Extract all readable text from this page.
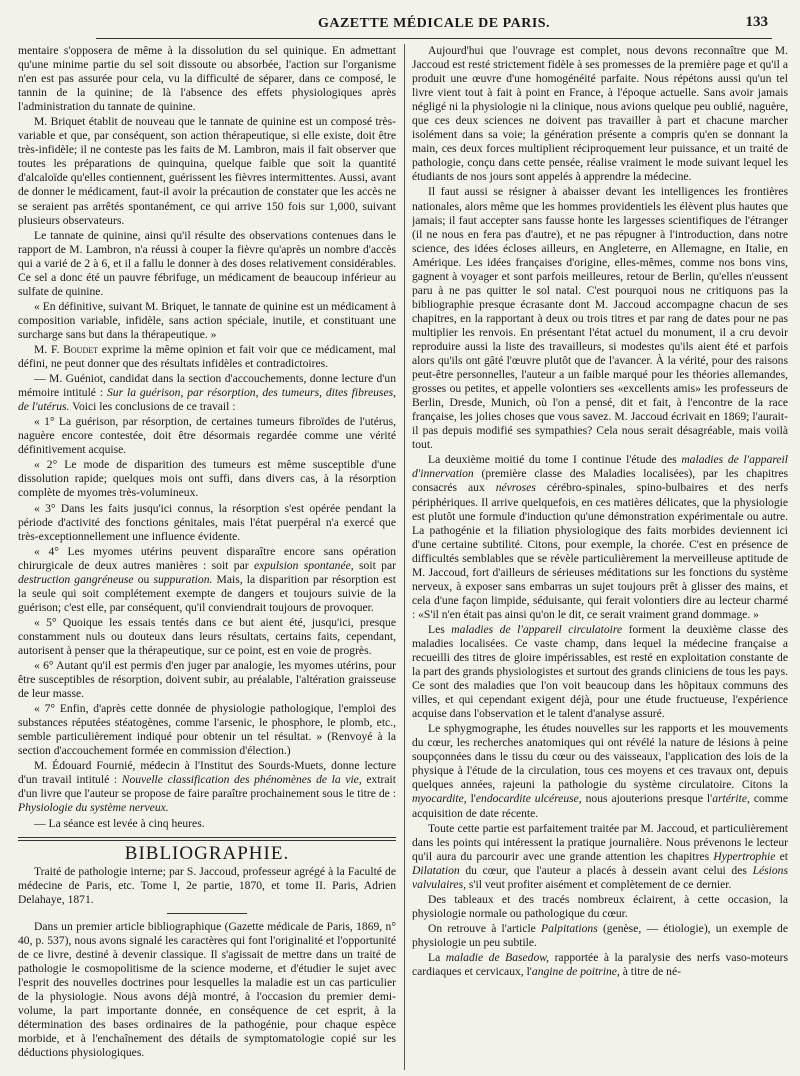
GAZETTE MÉDICALE DE PARIS.	133

mentaire s'opposera de même à la dissolution du sel quinique. En admettant qu'une minime partie du sel soit dissoute ou absorbée, l'action sur l'organisme n'en est pas assurée pour cela, vu la difficulté de séparer, dans ce composé, le tannin de la quinine; de là l'absence des effets physiologiques après l'administration du tannate de quinine.

M. Briquet établit de nouveau que le tannate de quinine est un composé très-variable et que, par conséquent, son action thérapeutique, si elle existe, doit être très-infidèle; il ne conteste pas les faits de M. Lambron, mais il fait observer que toutes les préparations de quinquina, quelque faible que soit la quantité d'alcaloïde qu'elles contiennent, guérissent les fièvres intermittentes. Aussi, avant de donner le médicament, faut-il avoir la précaution de constater que les accès ne se seraient pas arrêtés spontanément, ce qui arrive 150 fois sur 1,000, suivant plusieurs observateurs.

Le tannate de quinine, ainsi qu'il résulte des observations contenues dans le rapport de M. Lambron, n'a réussi à couper la fièvre qu'après un nombre d'accès qui a varié de 2 à 6, et il a fallu le donner à des doses relativement considérables. Ce sel a donc été un pauvre fébrifuge, un médicament de beaucoup inférieur au sulfate de quinine.

« En définitive, suivant M. Briquet, le tannate de quinine est un médicament à composition variable, infidèle, sans action spéciale, inutile, et constituant une surcharge sans but dans la thérapeutique. »

M. F. Boudet exprime la même opinion et fait voir que ce médicament, mal défini, ne peut donner que des résultats infidèles et contradictoires.

— M. Guéniot, candidat dans la section d'accouchements, donne lecture d'un mémoire intitulé : Sur la guérison, par résorption, des tumeurs, dites fibreuses, de l'utérus. Voici les conclusions de ce travail :

« 1° La guérison, par résorption, de certaines tumeurs fibroïdes de l'utérus, naguère encore contestée, doit être désormais regardée comme une vérité définitivement acquise.

« 2° Le mode de disparition des tumeurs est même susceptible d'une dissolution rapide; quelques mois ont suffi, dans divers cas, à la résorption complète de myomes très-volumineux.

« 3° Dans les faits jusqu'ici connus, la résorption s'est opérée pendant la période d'activité des fonctions génitales, mais l'état puerpéral n'a exercé que très-exceptionnellement une influence évidente.

« 4° Les myomes utérins peuvent disparaître encore sans opération chirurgicale de deux autres manières : soit par expulsion spontanée, soit par destruction gangréneuse ou suppuration. Mais, la disparition par résorption est la seule qui soit complétement exempte de dangers et toujours suivie de la guérison; c'est elle, par conséquent, qu'il conviendrait toujours de provoquer.

« 5° Quoique les essais tentés dans ce but aient été, jusqu'ici, presque constamment nuls ou douteux dans leurs résultats, certains faits, cependant, autorisent à penser que la thérapeutique, sur ce point, est en voie de progrès.

« 6° Autant qu'il est permis d'en juger par analogie, les myomes utérins, pour être susceptibles de résorption, doivent subir, au préalable, l'altération graisseuse de leur masse.

« 7° Enfin, d'après cette donnée de physiologie pathologique, l'emploi des substances réputées stéatogènes, comme l'arsenic, le phosphore, le plomb, etc., semble particulièrement indiqué pour obtenir un tel résultat. » (Renvoyé à la section d'accouchement formée en commission d'élection.)

M. Édouard Fournié, médecin à l'Institut des Sourds-Muets, donne lecture d'un travail intitulé : Nouvelle classification des phénomènes de la vie, extrait d'un livre que l'auteur se propose de faire paraître prochainement sous le titre de : Physiologie du système nerveux.

— La séance est levée à cinq heures.

BIBLIOGRAPHIE.

Traité de pathologie interne; par S. Jaccoud, professeur agrégé à la Faculté de médecine de Paris, etc. Tome I, 2e partie, 1870, et tome II. Paris, Adrien Delahaye, 1871.

Dans un premier article bibliographique (Gazette médicale de Paris, 1869, n° 40, p. 537), nous avons signalé les caractères qui font l'originalité et l'opportunité de ce livre, destiné à devenir classique. Il s'agissait de mettre dans un traité de pathologie le cosmopolitisme de la science moderne, et d'étudier le sujet avec l'esprit des nouvelles doctrines pour lesquelles la maladie est un cas particulier de la physiologie. Nous avons déjà montré, à l'occasion du premier demi-volume, la part importante donnée, en conséquence de cet esprit, à la détermination des bases ordinaires de la pathogénie, pour chaque espèce morbide, et à l'enchaînement des détails de symptomatologie copié sur les déductions physiologiques.

Aujourd'hui que l'ouvrage est complet, nous devons reconnaître que M. Jaccoud est resté strictement fidèle à ses promesses de la première page et qu'il a produit une œuvre d'une homogénéité parfaite. Nous répétons aussi qu'un tel livre vient tout à fait à point en France, à l'époque actuelle. Sans avoir jamais négligé ni la physiologie ni la clinique, nous avions quelque peu oublié, naguère, que ces deux sciences ne doivent pas travailler à part et chacune marcher isolément dans sa voie; la génération présente a compris qu'en se donnant la main, ces deux forces multiplient réciproquement leur puissance, et un traité de pathologie, conçu dans cette pensée, réalise vraiment le mode suivant lequel les étudiants de nos jours sont appelés à apprendre la médecine.

Il faut aussi se résigner à abaisser devant les intelligences les frontières nationales, alors même que les hommes providentiels les élèvent plus hautes que jamais; il faut accepter sans fausse honte les largesses scientifiques de l'étranger (il ne nous en fera pas d'autre), et ne pas répugner à l'introduction, dans notre science, des idées écloses ailleurs, en Angleterre, en Allemagne, en Italie, en Amérique. Les idées françaises d'origine, elles-mêmes, comme nos bons vins, gagnent à voyager et sont parfois meilleures, retour de Berlin, qu'elles n'eussent paru à ne pas quitter le sol natal. C'est pourquoi nous ne critiquons pas la bibliographie presque écrasante dont M. Jaccoud accompagne chacun de ses chapitres, en la rapportant à deux ou trois titres et par rang de dates pour ne pas multiplier les renvois. En présentant l'état actuel du monument, il a cru devoir reproduire aussi la liste des travailleurs, si modestes qu'ils aient été et parfois alors qu'ils ont gâté l'œuvre plutôt que de l'avancer. À la vérité, pour des raisons peut-être personnelles, l'auteur a un faible marqué pour les théories allemandes, grosses ou petites, et appelle volontiers ses «excellents amis» les professeurs de Berlin, Dresde, Munich, où l'on a pensé, dit et fait, à l'encontre de la race française, les jolies choses que vous savez. M. Jaccoud écrivait en 1869; l'aurait-il pas depuis modifié ses sympathies? Cela nous serait désagréable, mais voilà tout.

La deuxième moitié du tome I continue l'étude des maladies de l'appareil d'innervation (première classe des Maladies localisées), par les chapitres consacrés aux névroses cérébro-spinales, spino-bulbaires et des nerfs périphériques. Il arrive quelquefois, en ces matières délicates, que la physiologie est plutôt une formule d'induction qu'une démonstration expérimentale ou autre. La pathogénie et la filiation physiologique des faits morbides deviennent ici d'une certaine subtilité. Citons, pour exemple, la chorée. C'est en présence de difficultés semblables que se révèle particulièrement la merveilleuse aptitude de M. Jaccoud, fort d'ailleurs de sérieuses méditations sur les fonctions du système nerveux, à exposer sans embarras un sujet toujours prêt à glisser des mains, et cela d'une façon limpide, séduisante, qui ferait volontiers dire au lecteur charmé : «S'il n'en était pas ainsi qu'on le dit, ce serait vraiment grand dommage. »

Les maladies de l'appareil circulatoire forment la deuxième classe des maladies localisées. Ce vaste champ, dans lequel la médecine française a recueilli des titres de gloire impérissables, est resté en exploitation constante de la part des grands physiologistes et surtout des grands cliniciens de tous les pays. Ce sont des maladies que l'on voit beaucoup dans les hôpitaux communs des villes, et qui cependant exigent déjà, pour une étude fructueuse, l'expérience acquise dans l'observation et le talent d'analyse assuré.

Le sphygmographe, les études nouvelles sur les rapports et les mouvements du cœur, les recherches anatomiques qui ont révélé la nature de lésions à peine soupçonnées dans le tissu du cœur ou des vaisseaux, l'application des lois de la physique à l'étude de la circulation, tous ces moyens et ces travaux ont, depuis quelques années, rajeuni la pathologie du système circulatoire. Citons la myocardite, l'endocardite ulcéreuse, nous ajouterions presque l'artérite, comme acquisition de date récente.

Toute cette partie est parfaitement traitée par M. Jaccoud, et particulièrement dans les points qui intéressent la pratique journalière. Nous prévenons le lecteur qu'il aura du parcourir avec une grande attention les chapitres Hypertrophie et Dilatation du cœur, que l'auteur a placés à dessein avant celui des Lésions valvulaires, s'il veut profiter aisément et complètement de ce dernier.

Des tableaux et des tracés nombreux éclairent, à cette occasion, la physiologie normale ou pathologique du cœur.

On retrouve à l'article Palpitations (genèse, — étiologie), un exemple de physiologie un peu subtile.

La maladie de Basedow, rapportée à la paralysie des nerfs vaso-moteurs cardiaques et cervicaux, l'angine de poitrine, à titre de né-
